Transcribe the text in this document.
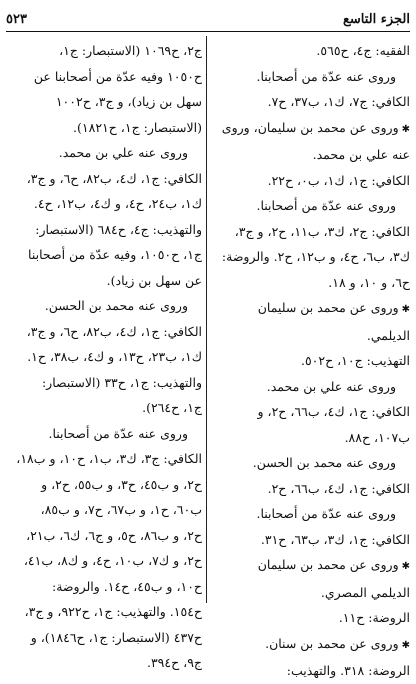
الجزء التاسع
٥٢٣
الفقيه: ج٤، ح٥٦٥.
وروى عنه عدّة من أصحابنا.
الكافي: ج٧، ك١، ب٣٧، ح٧.
✱وروى عن محمد بن سليمان، وروى
عنه علي بن محمد.
الكافي: ج١، ك١، ب٠، ح٢٢.
وروى عنه عدّة من أصحابنا.
الكافي: ج٢، ك٣، ب١١، ح٢، و ج٣،
ك٣، ب٦، ح٤، و ب١٢، ح٢. والروضة:
ح٦، و ١٠، و ١٨.
✱وروى عن محمد بن سليمان
الديلمي.
التهذيب: ج١٠، ح٥٠٢.
وروى عنه علي بن محمد.
الكافي: ج١، ك٤، ب٦٦، ح٢، و
ب١٠٧، ح٨٨.
وروى عنه محمد بن الحسن.
الكافي: ج١، ك٤، ب٦٦، ح٢.
وروى عنه عدّة من أصحابنا.
الكافي: ج١، ك٣، ب٦٣، ح٣١.
✱وروى عن محمد بن سليمان
الديلمي المصري.
الروضة: ح١١.
✱وروى عن محمد بن سنان.
الروضة: ٣١٨. والتهذيب:
ج٢، ح١٠٦٩ (الاستبصار: ج١،
ح١٠٥٠ وفيه عدّة من أصحابنا عن
سهل بن زياد)، و ج٣، ح١٠٠٢
(الاستبصار: ج١، ح١٨٢١).
وروى عنه علي بن محمد.
الكافي: ج١، ك٤، ب٨٢، ح٦، و ج٣،
ك١، ب٢٤، ح٤، و ك٤، ب١٢، ح٤.
والتهذيب: ج٤، ح٦٨٤ (الاستبصار:
ج١، ح١٠٥٠، وفيه عدّة من أصحابنا
عن سهل بن زياد).
وروى عنه محمد بن الحسن.
الكافي: ج١، ك٤، ب٨٢، ح٦، و ج٣،
ك١، ب٢٣، ح١٣، و ك٤، ب٣٨، ح١.
والتهذيب: ج١، ح٣٣ (الاستبصار:
ج١، ح٢٦٤).
وروى عنه عدّة من أصحابنا.
الكافي: ج٣، ك٣، ب١، ح١٠، و ب١٨،
ح٢، و ب٤٥، ح٣، و ب٥٥، ح٢، و
ب٦٠، ح١، و ب٦٧، ح٧، و ب٨٥،
ح٢، و ب٨٦، ح٥، و ج٦، ك٦، ب٢١،
ح٢، و ك٧، ب١٠، ح٤، و ك٨، ب٤١،
ح١٠، و ب٤٥، ح١٤. والروضة:
ح١٥٤. والتهذيب: ج١، ح٩٢٢، و ج٣،
ح٤٣٧ (الاستبصار: ج١، ح١٨٤٦)، و
ج٩، ح٣٩٤.
